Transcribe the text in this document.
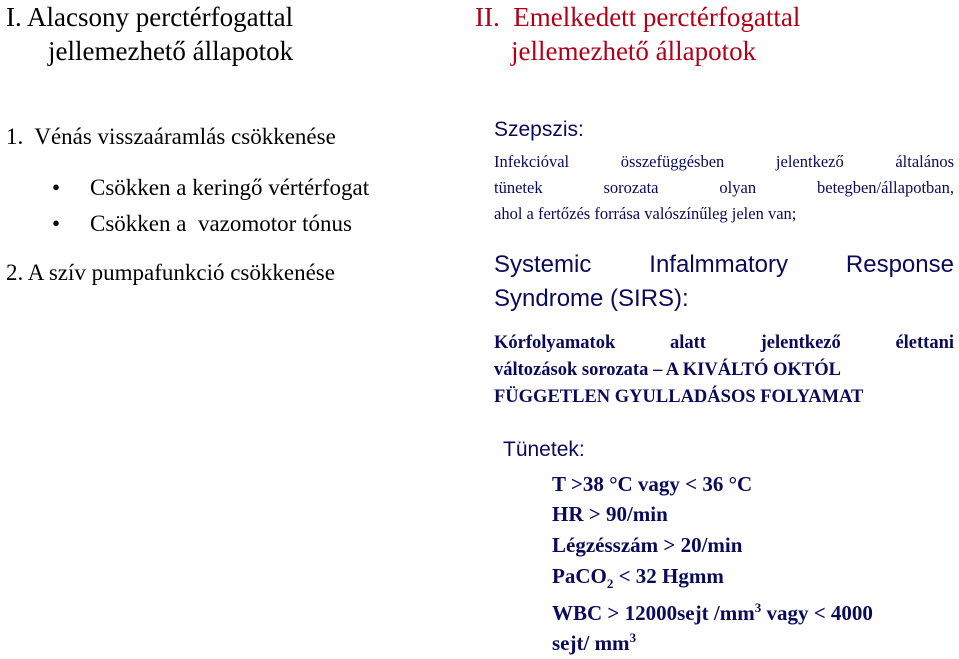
I. Alacsony perctérfogattal
jellemezhető állapotok
1.  Vénás visszaáramlás csökkenése
• Csökken a keringő vértérfogat
• Csökken a  vazomotor tónus
2. A szív pumpafunkció csökkenése
II.  Emelkedett perctérfogattal
jellemezhető állapotok
Szepszis:
Infekcióval összefüggésben jelentkező általános
tünetek sorozata olyan betegben/állapotban,
ahol a fertőzés forrása valószínűleg jelen van;
Systemic Infalmmatory Response
Syndrome (SIRS):
Kórfolyamatok	alatt	jelentkező	élettani
változások sorozata – A KIVÁLTÓ OKTÓL
FÜGGETLEN GYULLADÁSOS FOLYAMAT
Tünetek:
T >38 °C vagy < 36 °C
HR > 90/min
Légzésszám > 20/min
PaCO$_2$ < 32 Hgmm
WBC > 12000sejt $/mm^3$ vagy < 4000
sejt/ $mm^3$
